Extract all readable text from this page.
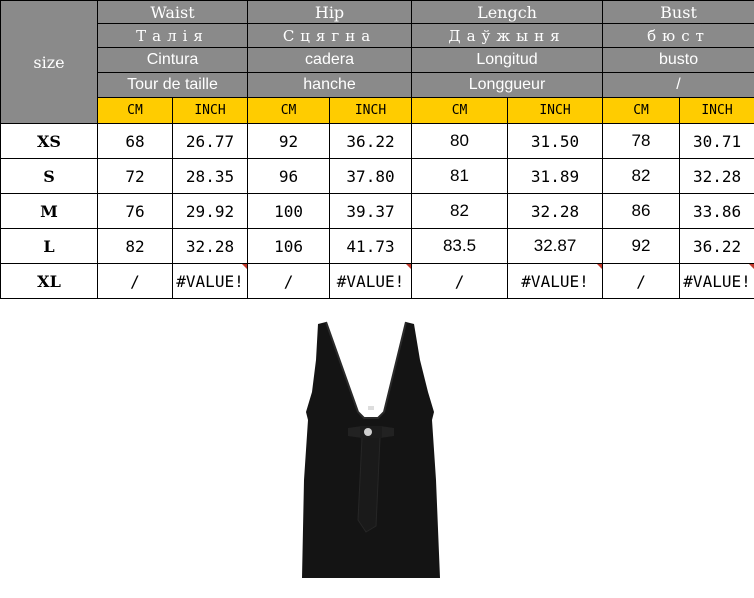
size	Waist		Hip		Lengch		Bust	
	Талія		Сцягна		Даўжыня		бюст	
	Cintura		cadera		Longitud		busto	
	Tour de taille		hanche		Longgueur		/	
	CM	INCH	CM	INCH	CM	INCH	CM	INCH
XS	68	26.77	92	36.22	80	31.50	78	30.71
S	72	28.35	96	37.80	81	31.89	82	32.28
M	76	29.92	100	39.37	82	32.28	86	33.86
L	82	32.28	106	41.73	83.5	32.87	92	36.22
XL	/	#VALUE!	/	#VALUE!	/	#VALUE!	/	#VALUE!
